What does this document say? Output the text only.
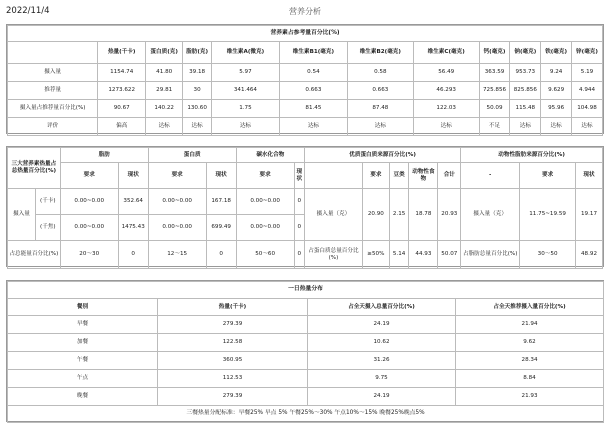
2022/11/4	营养分析
营养素占参考量百分比(%)											
	热量(千卡)	蛋白质(克)	脂肪(克)	维生素A(微克)	维生素B1(毫克)	维生素B2(毫克)	维生素C(毫克)	钙(毫克)	钠(毫克)	铁(毫克)	锌(毫克)
摄入量	1154.74	41.80	39.18	5.97	0.54	0.58	56.49	363.59	953.73	9.24	5.19
推荐量	1273.622	29.81	30	341.464	0.663	0.663	46.293	725.856	825.856	9.629	4.944
摄入量占推荐量百分比(%)	90.67	140.22	130.60	1.75	81.45	87.48	122.03	50.09	115.48	95.96	104.98
评价	偏高	达标	达标	达标	达标	达标	达标	不足	达标	达标	达标
三大营养素热量占总热量百分比(%)		脂肪		蛋白质		碳水化合物		优质蛋白质来源百分比(%)					动物性脂肪来源百分比(%)		
		要求	现状	要求	现状	要求	现状		要求	豆类	动物性食物	合计	-	要求	现状
摄入量	(千卡)	0.00~0.00	352.64	0.00~0.00	167.18	0.00~0.00	0	摄入量（克）	20.90	2.15	18.78	20.93	摄入量（克）	11.75~19.59	19.17
	(千焦)	0.00~0.00	1475.43	0.00~0.00	699.49	0.00~0.00	0								
占总能量百分比(%)		20～30	0	12～15	0	50～60	0	占蛋白质总量百分比(%)	≥50%	5.14	44.93	50.07	占脂肪总量百分比(%)	30～50	48.92
一日热量分布			
餐别	热量(千卡)	占全天摄入总量百分比(%)	占全天推荐摄入量百分比(%)
早餐	279.39	24.19	21.94
加餐	122.58	10.62	9.62
午餐	360.95	31.26	28.34
午点	112.53	9.75	8.84
晚餐	279.39	24.19	21.93
三餐热量分配标准：早餐25% 早点 5% 午餐25%～30% 午点10%～15% 晚餐25%晚点5%			
